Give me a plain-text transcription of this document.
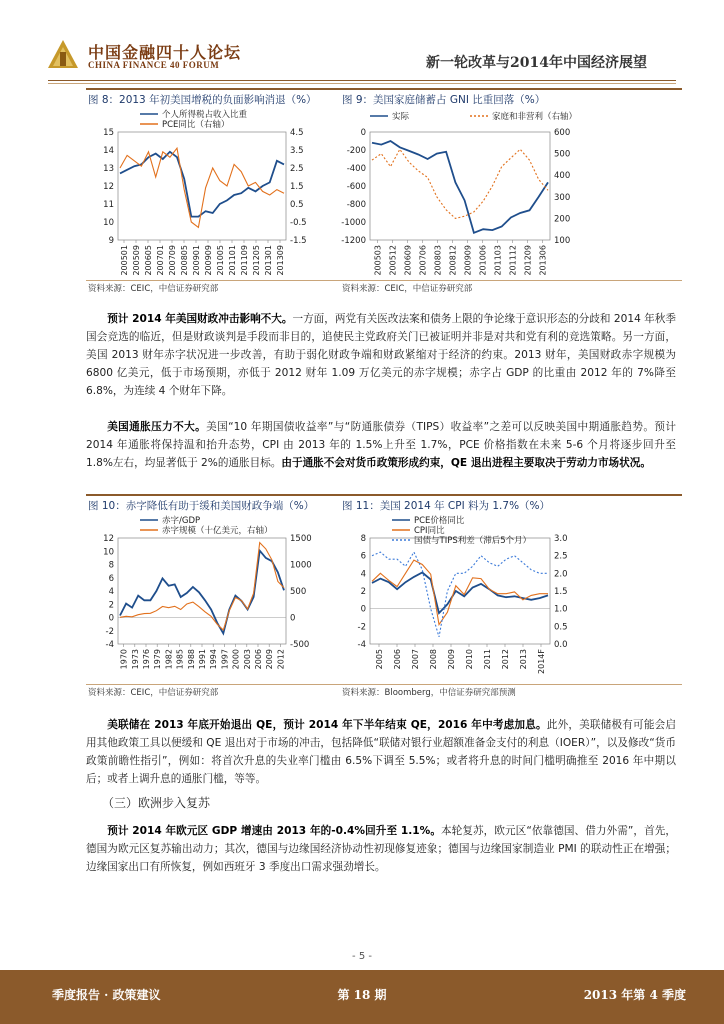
中国金融四十人论坛
CHINA FINANCE 40 FORUM	新一轮改革与2014年中国经济展望
图 8：2013 年初美国增税的负面影响消退（%） 图 9：美国家庭储蓄占 GNI 比重回落（%）
资料来源：CEIC，中信证券研究部	资料来源：CEIC，中信证券研究部
15
14
13
12
11
10
9
4.5
3.5
2.5
1.5
0.5
-0.5
-1.5
200501 200509 200605 200701 200709 200805 200901 200909 201005 201101 201109 201205 201301 201309
个人所得税占收入比重
PCE同比（右轴）
0
-200
-400
-600
-800
-1000
-1200
600
500
400
300
200
100
200503 200512 200609 200706 200803 200812 200909 201006 201103 201112 201209 201306
实际	家庭和非营利（右轴）
预计 2014 年美国财政冲击影响不大。一方面，两党有关医改法案和债务上限的争论缘于意识形态的分歧和 2014 年秋季国会竞选的临近，但是财政谈判是手段而非目的，追使民主党政府关门已被证明并非是对共和党有利的竞选策略。另一方面，美国 2013 财年赤字状况进一步改善，有助于弱化财政争端和财政紧缩对于经济的约束。2013 财年，美国财政赤字规模为 6800 亿美元，低于市场预期，亦低于 2012 财年 1.09 万亿美元的赤字规模；赤字占 GDP 的比重由 2012 年的 7%降至 6.8%，为连续 4 个财年下降。
美国通胀压力不大。美国“10 年期国债收益率”与“防通胀债券（TIPS）收益率”之差可以反映美国中期通胀趋势。预计 2014 年通胀将保持温和抬升态势，CPI 由 2013 年的 1.5%上升至 1.7%，PCE 价格指数在未来 5-6 个月将逐步回升至 1.8%左右，均显著低于 2%的通胀目标。由于通胀不会对货币政策形成约束，QE 退出进程主要取决于劳动力市场状况。
图 10：赤字降低有助于缓和美国财政争端（%）	图 11：美国 2014 年 CPI 料为 1.7%（%）
资料来源：CEIC，中信证券研究部	资料来源：Bloomberg，中信证券研究部预测
12
10
8
6
4
2
0
-2
-4
1500
1000
500
0
-500
1970 1973 1976 1979 1982 1985 1988 1991 1994 1997 2000 2003 2006 2009 2012
赤字/GDP
赤字规模（十亿美元，右轴）
8
6
4
2
0
-2
-4
3.0
2.5
2.0
1.5
1.0
0.5
0.0
2005 2006 2007 2008 2009 2010 2011 2012 2013 2014F
PCE价格同比
CPI同比
国债与TIPS利差（滞后5个月）
美联储在 2013 年底开始退出 QE，预计 2014 年下半年结束 QE，2016 年中考虑加息。此外，美联储极有可能会启用其他政策工具以便缓和 QE 退出对于市场的冲击，包括降低“联储对银行业超额准备金支付的利息（IOER）”，以及修改“货币政策前瞻性指引”，例如：将首次升息的失业率门槛由 6.5%下调至 5.5%；或者将升息的时间门槛明确推至 2016 年中期以后；或者上调升息的通胀门槛，等等。
（三）欧洲步入复苏
预计 2014 年欧元区 GDP 增速由 2013 年的-0.4%回升至 1.1%。本轮复苏，欧元区“依靠德国、借力外需”，首先，德国为欧元区复苏输出动力；其次，德国与边缘国经济协动性初现修复迹象；德国与边缘国家制造业 PMI 的联动性正在增强；边缘国家出口有所恢复，例如西班牙 3 季度出口需求强劲增长。
- 5 -
季度报告 · 政策建议	第 18 期	2013 年第 4 季度
